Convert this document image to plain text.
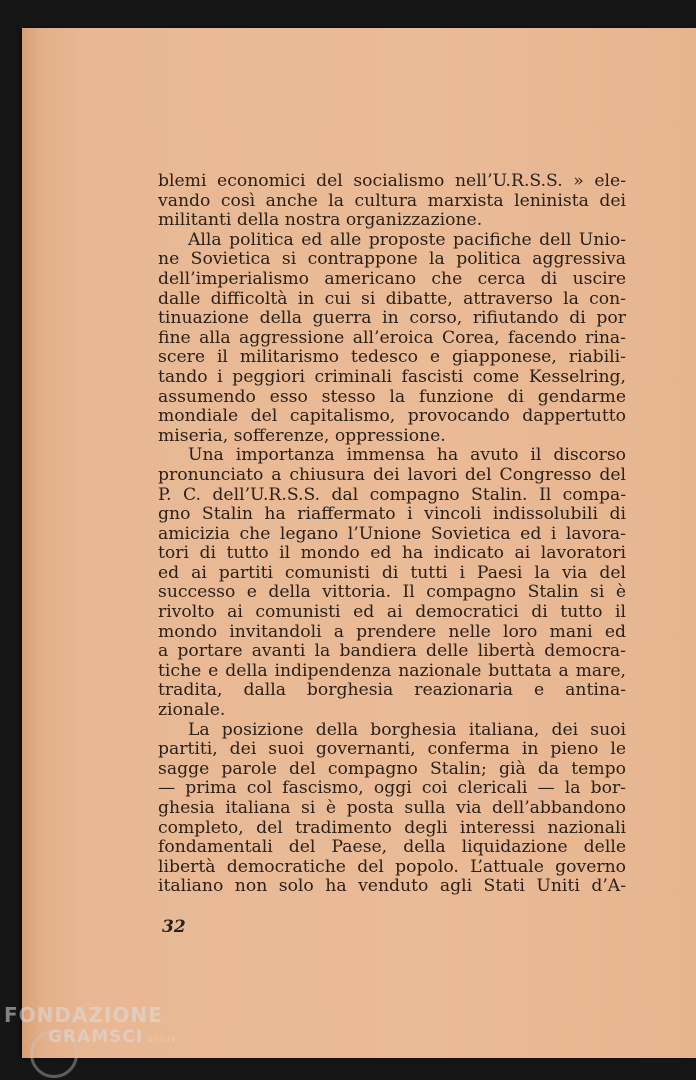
blemi economici del socialismo nell’U.R.S.S. » ele-
vando così anche la cultura marxista leninista dei
militanti della nostra organizzazione.
Alla politica ed alle proposte pacifiche dell Unio-
ne Sovietica si contrappone la politica aggressiva
dell’imperialismo americano che cerca di uscire
dalle difficoltà in cui si dibatte, attraverso la con-
tinuazione della guerra in corso, rifiutando di por
fine alla aggressione all’eroica Corea, facendo rina-
scere il militarismo tedesco e giapponese, riabili-
tando i peggiori criminali fascisti come Kesselring,
assumendo esso stesso la funzione di gendarme
mondiale del capitalismo, provocando dappertutto
miseria, sofferenze, oppressione.
Una importanza immensa ha avuto il discorso
pronunciato a chiusura dei lavori del Congresso del
P. C. dell’U.R.S.S. dal compagno Stalin. Il compa-
gno Stalin ha riaffermato i vincoli indissolubili di
amicizia che legano l’Unione Sovietica ed i lavora-
tori di tutto il mondo ed ha indicato ai lavoratori
ed ai partiti comunisti di tutti i Paesi la via del
successo e della vittoria. Il compagno Stalin si è
rivolto ai comunisti ed ai democratici di tutto il
mondo invitandoli a prendere nelle loro mani ed
a portare avanti la bandiera delle libertà democra-
tiche e della indipendenza nazionale buttata a mare,
tradita, dalla borghesia reazionaria e antina-
zionale.
La posizione della borghesia italiana, dei suoi
partiti, dei suoi governanti, conferma in pieno le
sagge parole del compagno Stalin; già da tempo
— prima col fascismo, oggi coi clericali — la bor-
ghesia italiana si è posta sulla via dell’abbandono
completo, del tradimento degli interessi nazionali
fondamentali del Paese, della liquidazione delle
libertà democratiche del popolo. L’attuale governo
italiano non solo ha venduto agli Stati Uniti d’A-
32
FONDAZIONE
GRAMSCI onlus
